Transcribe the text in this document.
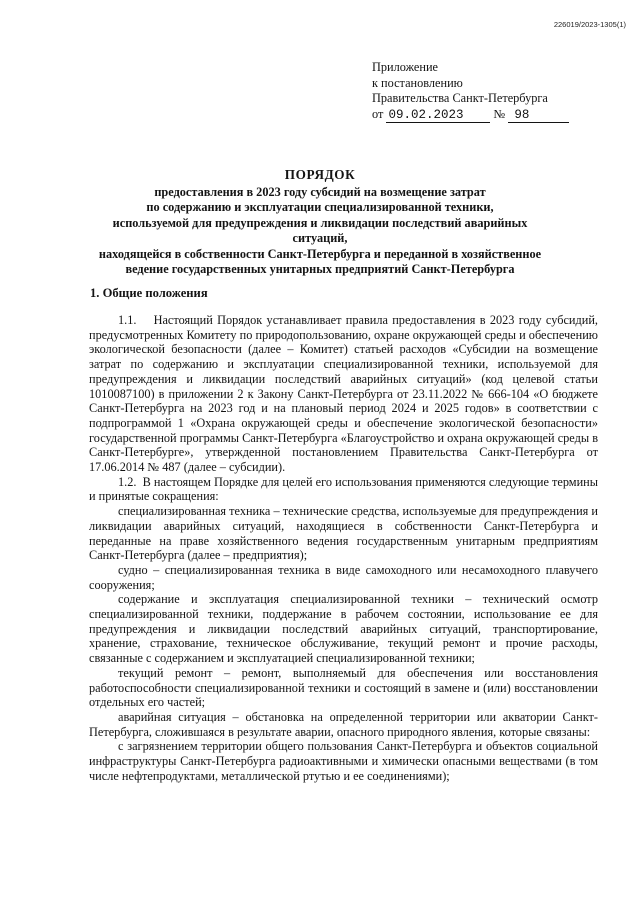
226019/2023-1305(1)
Приложение
к постановлению
Правительства Санкт-Петербурга
от 09.02.2023 № 98
ПОРЯДОК
предоставления в 2023 году субсидий на возмещение затрат
по содержанию и эксплуатации специализированной техники,
используемой для предупреждения и ликвидации последствий аварийных ситуаций,
находящейся в собственности Санкт-Петербурга и переданной в хозяйственное
ведение государственных унитарных предприятий Санкт-Петербурга
1. Общие положения

1.1.    Настоящий Порядок устанавливает правила предоставления в 2023 году субсидий, предусмотренных Комитету по природопользованию, охране окружающей среды и обеспечению экологической безопасности (далее – Комитет) статьей расходов «Субсидии на возмещение затрат по содержанию и эксплуатации специализированной техники, используемой для предупреждения и ликвидации последствий аварийных ситуаций» (код целевой статьи 1010087100) в приложении 2 к Закону Санкт-Петербурга от 23.11.2022 № 666-104 «О бюджете Санкт-Петербурга на 2023 год и на плановый период 2024 и 2025 годов» в соответствии с подпрограммой 1 «Охрана окружающей среды и обеспечение экологической безопасности» государственной программы Санкт-Петербурга «Благоустройство и охрана окружающей среды в Санкт-Петербурге», утвержденной постановлением Правительства Санкт-Петербурга от 17.06.2014 № 487 (далее – субсидии).

1.2.  В настоящем Порядке для целей его использования применяются следующие термины и принятые сокращения:

специализированная техника – технические средства, используемые для предупреждения и ликвидации аварийных ситуаций, находящиеся в собственности Санкт-Петербурга и переданные на праве хозяйственного ведения государственным унитарным предприятиям Санкт-Петербурга (далее – предприятия);

судно – специализированная техника в виде самоходного или несамоходного плавучего сооружения;

содержание и эксплуатация специализированной техники – технический осмотр специализированной техники, поддержание в рабочем состоянии, использование ее для предупреждения и ликвидации последствий аварийных ситуаций, транспортирование, хранение, страхование, техническое обслуживание, текущий ремонт и прочие расходы, связанные с содержанием и эксплуатацией специализированной техники;

текущий ремонт – ремонт, выполняемый для обеспечения или восстановления работоспособности специализированной техники и состоящий в замене и (или) восстановлении отдельных его частей;

аварийная ситуация – обстановка на определенной территории или акватории Санкт-Петербурга, сложившаяся в результате аварии, опасного природного явления, которые связаны:

с загрязнением территории общего пользования Санкт-Петербурга и объектов социальной инфраструктуры Санкт-Петербурга радиоактивными и химически опасными веществами (в том числе нефтепродуктами, металлической ртутью и ее соединениями);
